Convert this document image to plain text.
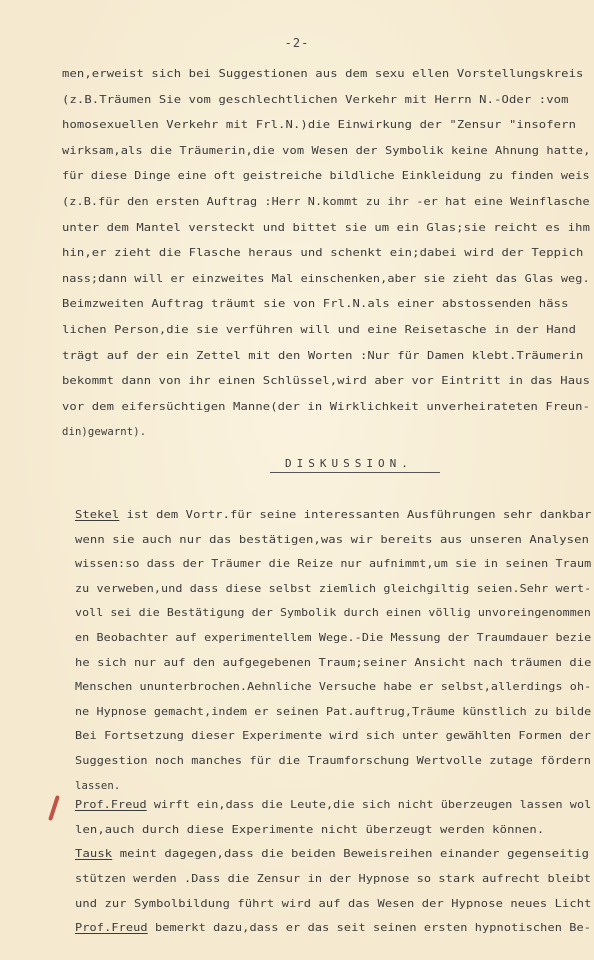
-2-
men,erweist sich bei Suggestionen aus dem sexu ellen Vorstellungskreis
(z.B.Träumen Sie vom geschlechtlichen Verkehr mit Herrn N.-Oder :vom
homosexuellen Verkehr mit Frl.N.)die Einwirkung der "Zensur "insofern
wirksam,als die Träumerin,die vom Wesen der Symbolik keine Ahnung hatte,
für diese Dinge eine oft geistreiche bildliche Einkleidung zu finden weis
(z.B.für den ersten Auftrag :Herr N.kommt zu ihr -er hat eine Weinflasche
unter dem Mantel versteckt und bittet sie um ein Glas;sie reicht es ihm
hin,er zieht die Flasche heraus und schenkt ein;dabei wird der Teppich
nass;dann will er einzweites Mal einschenken,aber sie zieht das Glas weg.
Beimzweiten Auftrag träumt sie von Frl.N.als einer abstossenden häss
lichen Person,die sie verführen will und eine Reisetasche in der Hand
trägt auf der ein Zettel mit den Worten :Nur für Damen klebt.Träumerin
bekommt dann von ihr einen Schlüssel,wird aber vor Eintritt in das Haus
vor dem eifersüchtigen Manne(der in Wirklichkeit unverheirateten Freun-
din)gewarnt).
DISKUSSION.
Stekel ist dem Vortr.für seine interessanten Ausführungen sehr dankbar
wenn sie auch nur das bestätigen,was wir bereits aus unseren Analysen
wissen:so dass der Träumer die Reize nur aufnimmt,um sie in seinen Traum
zu verweben,und dass diese selbst ziemlich gleichgiltig seien.Sehr wert-
voll sei die Bestätigung der Symbolik durch einen völlig unvoreingenommen
en Beobachter auf experimentellem Wege.-Die Messung der Traumdauer bezie
he sich nur auf den aufgegebenen Traum;seiner Ansicht nach träumen die
Menschen ununterbrochen.Aehnliche Versuche habe er selbst,allerdings oh-
ne Hypnose gemacht,indem er seinen Pat.auftrug,Träume künstlich zu bilde
Bei Fortsetzung dieser Experimente wird sich unter gewählten Formen der
Suggestion noch manches für die Traumforschung Wertvolle zutage fördern
lassen.
Prof.Freud wirft ein,dass die Leute,die sich nicht überzeugen lassen wol
len,auch durch diese Experimente nicht überzeugt werden können.
Tausk meint dagegen,dass die beiden Beweisreihen einander gegenseitig
stützen werden .Dass die Zensur in der Hypnose so stark aufrecht bleibt
und zur Symbolbildung führt wird auf das Wesen der Hypnose neues Licht
Prof.Freud bemerkt dazu,dass er das seit seinen ersten hypnotischen Be-
